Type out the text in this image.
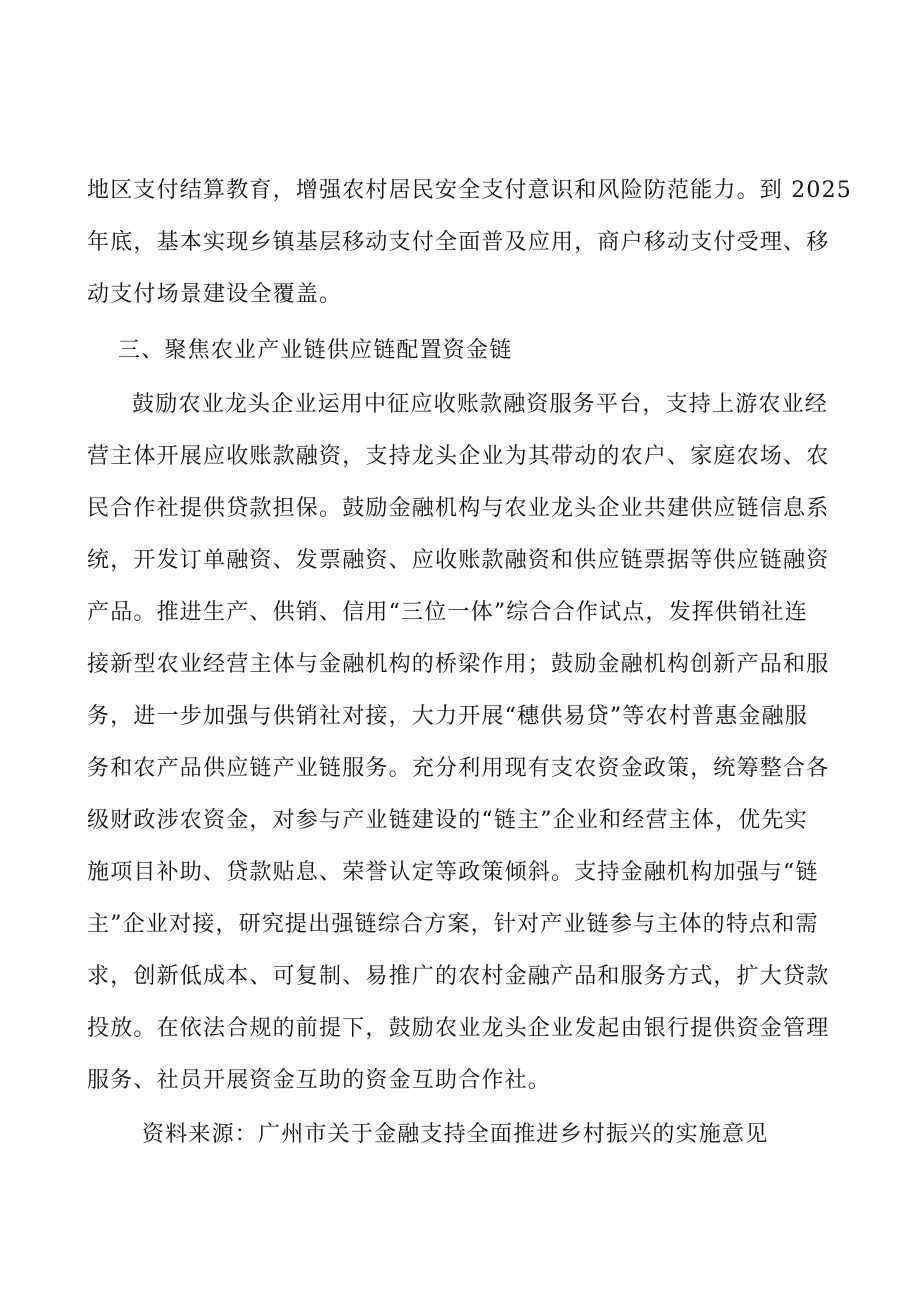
地区支付结算教育，增强农村居民安全支付意识和风险防范能力。到 2025
年底，基本实现乡镇基层移动支付全面普及应用，商户移动支付受理、移
动支付场景建设全覆盖。
三、聚焦农业产业链供应链配置资金链
鼓励农业龙头企业运用中征应收账款融资服务平台，支持上游农业经
营主体开展应收账款融资，支持龙头企业为其带动的农户、家庭农场、农
民合作社提供贷款担保。鼓励金融机构与农业龙头企业共建供应链信息系
统，开发订单融资、发票融资、应收账款融资和供应链票据等供应链融资
产品。推进生产、供销、信用“三位一体”综合合作试点，发挥供销社连
接新型农业经营主体与金融机构的桥梁作用；鼓励金融机构创新产品和服
务，进一步加强与供销社对接，大力开展“穗供易贷”等农村普惠金融服
务和农产品供应链产业链服务。充分利用现有支农资金政策，统筹整合各
级财政涉农资金，对参与产业链建设的“链主”企业和经营主体，优先实
施项目补助、贷款贴息、荣誉认定等政策倾斜。支持金融机构加强与“链
主”企业对接，研究提出强链综合方案，针对产业链参与主体的特点和需
求，创新低成本、可复制、易推广的农村金融产品和服务方式，扩大贷款
投放。在依法合规的前提下，鼓励农业龙头企业发起由银行提供资金管理
服务、社员开展资金互助的资金互助合作社。
资料来源：广州市关于金融支持全面推进乡村振兴的实施意见
